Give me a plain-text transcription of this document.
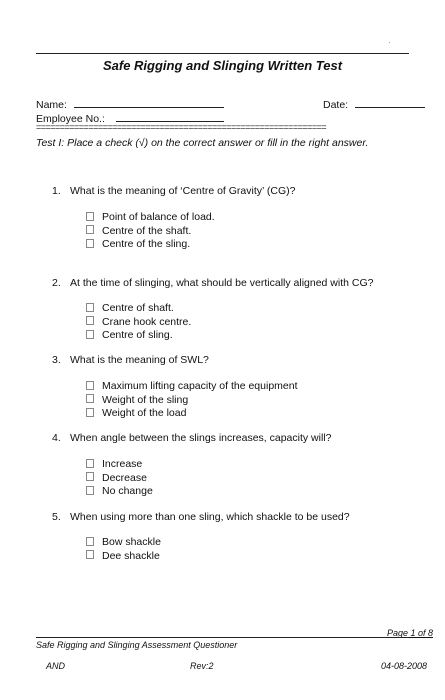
·
Safe Rigging and Slinging Written Test
Name:	Date:
Employee No.:
=============================================================
Test I: Place a check (√) on the correct answer or fill in the right answer.
1. What is the meaning of ‘Centre of Gravity’ (CG)?
Point of balance of load.
Centre of the shaft.
Centre of the sling.
2. At the time of slinging, what should be vertically aligned with CG?
Centre of shaft.
Crane hook centre.
Centre of sling.
3. What is the meaning of SWL?
Maximum lifting capacity of the equipment
Weight of the sling
Weight of the load
4. When angle between the slings increases, capacity will?
Increase
Decrease
No change
5. When using more than one sling, which shackle to be used?
Bow shackle
Dee shackle
Page 1 of 8
Safe Rigging and Slinging Assessment Questioner
AND	Rev:2	04-08-2008
